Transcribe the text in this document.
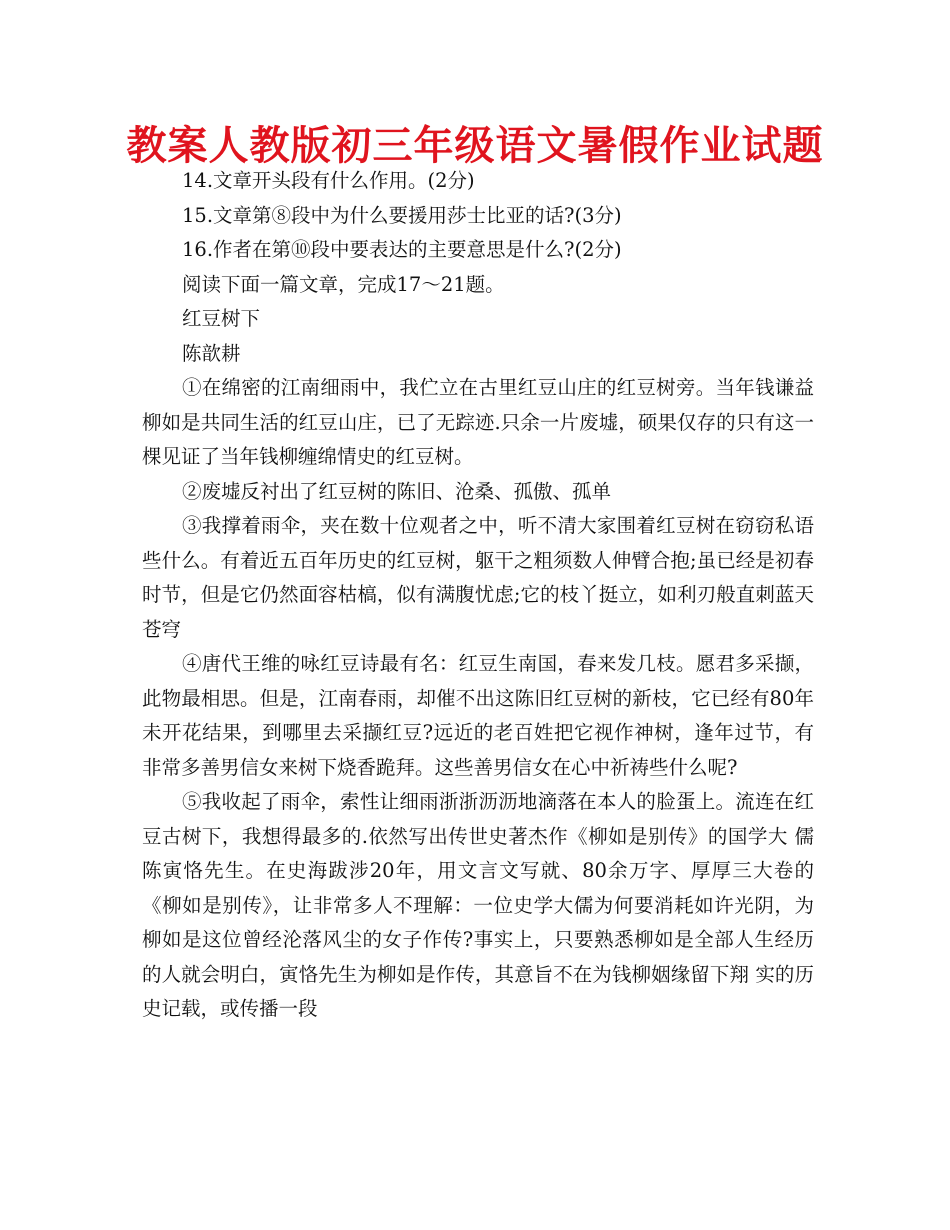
教案人教版初三年级语文暑假作业试题

14.文章开头段有什么作用。(2分)

15.文章第⑧段中为什么要援用莎士比亚的话?(3分)

16.作者在第⑩段中要表达的主要意思是什么?(2分)

阅读下面一篇文章，完成17～21题。

红豆树下

陈歆耕

①在绵密的江南细雨中，我伫立在古里红豆山庄的红豆树旁。当年钱谦益柳如是共同生活的红豆山庄，已了无踪迹.只余一片废墟，硕果仅存的只有这一棵见证了当年钱柳缠绵情史的红豆树。

②废墟反衬出了红豆树的陈旧、沧桑、孤傲、孤单

③我撑着雨伞，夹在数十位观者之中，听不清大家围着红豆树在窃窃私语些什么。有着近五百年历史的红豆树，躯干之粗须数人伸臂合抱;虽已经是初春时节，但是它仍然面容枯槁，似有满腹忧虑;它的枝丫挺立，如利刃般直刺蓝天苍穹

④唐代王维的咏红豆诗最有名：红豆生南国，春来发几枝。愿君多采撷，此物最相思。但是，江南春雨，却催不出这陈旧红豆树的新枝，它已经有80年未开花结果，到哪里去采撷红豆?远近的老百姓把它视作神树，逢年过节，有非常多善男信女来树下烧香跪拜。这些善男信女在心中祈祷些什么呢?

⑤我收起了雨伞，索性让细雨浙浙沥沥地滴落在本人的脸蛋上。流连在红豆古树下，我想得最多的.依然写出传世史著杰作《柳如是别传》的国学大 儒陈寅恪先生。在史海跋涉20年，用文言文写就、80余万字、厚厚三大卷的《柳如是别传》，让非常多人不理解：一位史学大儒为何要消耗如许光阴，为柳如是这位曾经沦落风尘的女子作传?事实上，只要熟悉柳如是全部人生经历的人就会明白，寅恪先生为柳如是作传，其意旨不在为钱柳姻缘留下翔 实的历史记载，或传播一段
